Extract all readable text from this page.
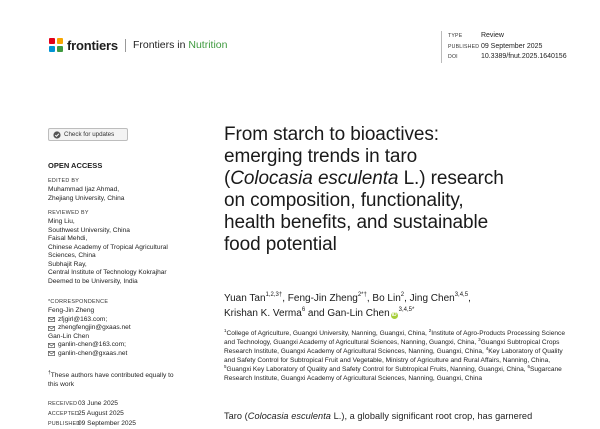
frontiers Frontiers in Nutrition
TYPE	Review
PUBLISHED 09 September 2025
DOI	10.3389/fnut.2025.1640156
Check for updates
OPEN ACCESS
EDITED BY
Muhammad Ijaz Ahmad,
Zhejiang University, China
REVIEWED BY
Ming Liu,
Southwest University, China
Faisal Mehdi,
Chinese Academy of Tropical Agricultural
Sciences, China
Subhajit Ray,
Central Institute of Technology Kokrajhar
Deemed to be University, India
*CORRESPONDENCE
Feng-Jin Zheng
zfjgirl@163.com;
zhengfengjin@gxaas.net
Gan-Lin Chen
ganlin-chen@163.com;
ganlin-chen@gxaas.net
†These authors have contributed equally to
this work
RECEIVED03 June 2025
ACCEPTED25 August 2025
PUBLISHED09 September 2025
From starch to bioactives:
emerging trends in taro
(Colocasia esculenta L.) research
on composition, functionality,
health benefits, and sustainable
food potential
Yuan Tan$^{1,2,3\dagger}$, Feng-Jin Zheng$^{2*\dagger}$, Bo Lin$^2$, Jing Chen$^{3,4,5}$,
Krishan K. Verma$^6$ and Gan-Lin Chen $iD^{3,4,5*}$
$^1$College of Agriculture, Guangxi University, Nanning, Guangxi, China, $^2$Institute of Agro-Products Processing Science and Technology, Guangxi Academy of Agricultural Sciences, Nanning, Guangxi, China, $^3$Guangxi Subtropical Crops Research Institute, Guangxi Academy of Agricultural Sciences, Nanning, Guangxi, China, $^4$Key Laboratory of Quality and Safety Control for Subtropical Fruit and Vegetable, Ministry of Agriculture and Rural Affairs, Nanning, China, $^5$Guangxi Key Laboratory of Quality and Safety Control for Subtropical Fruits, Nanning, Guangxi, China, $^6$Sugarcane Research Institute, Guangxi Academy of Agricultural Sciences, Nanning, Guangxi, China
Taro (Colocasia esculenta L.), a globally significant root crop, has garnered
